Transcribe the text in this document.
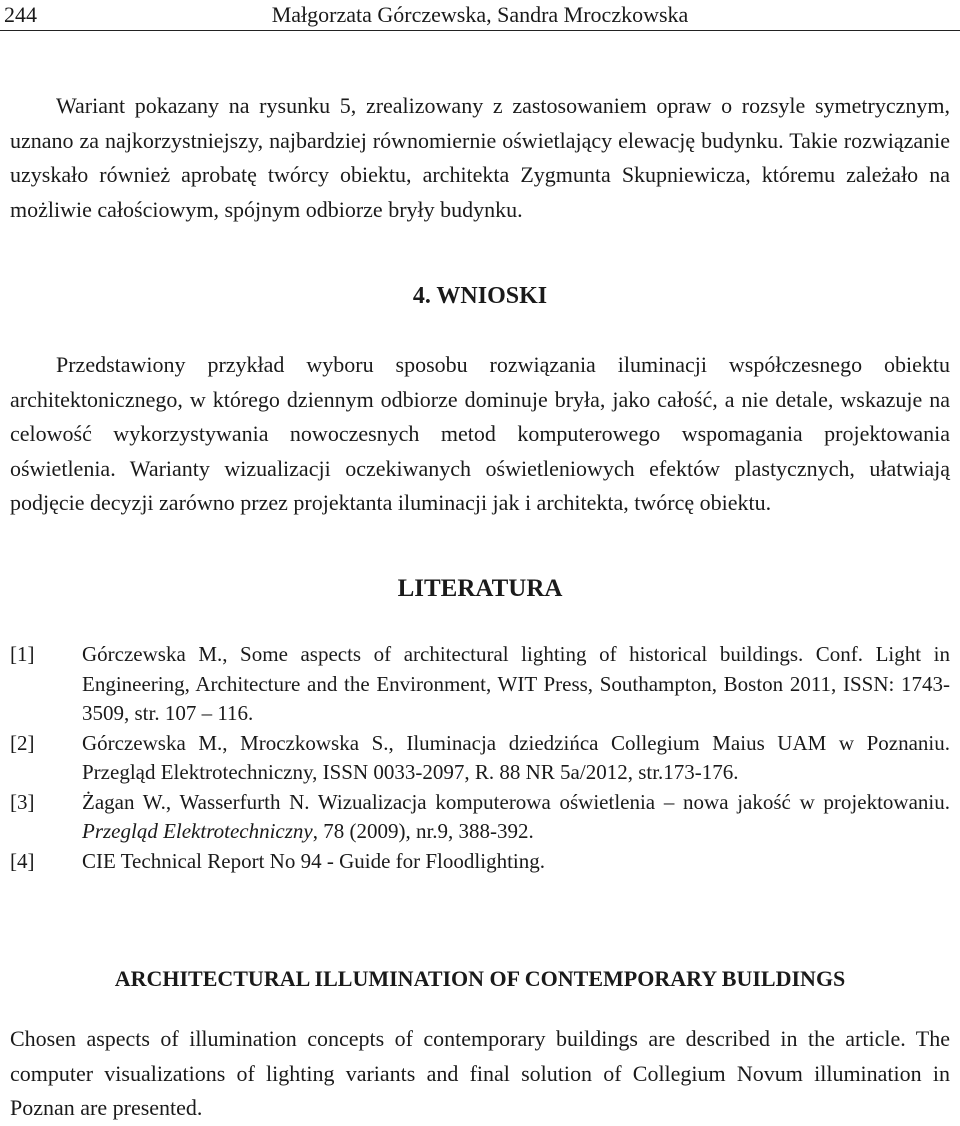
244	Małgorzata Górczewska, Sandra Mroczkowska

Wariant pokazany na rysunku 5, zrealizowany z zastosowaniem opraw o rozsyle symetrycznym, uznano za najkorzystniejszy, najbardziej równomiernie oświetlający elewację budynku. Takie rozwiązanie uzyskało również aprobatę twórcy obiektu, architekta Zygmunta Skupniewicza, któremu zależało na możliwie całościowym, spójnym odbiorze bryły budynku.

4. WNIOSKI

Przedstawiony przykład wyboru sposobu rozwiązania iluminacji współczesnego obiektu architektonicznego, w którego dziennym odbiorze dominuje bryła, jako całość, a nie detale, wskazuje na celowość wykorzystywania nowoczesnych metod komputerowego wspomagania projektowania oświetlenia. Warianty wizualizacji oczekiwanych oświetleniowych efektów plastycznych, ułatwiają podjęcie decyzji zarówno przez projektanta iluminacji jak i architekta, twórcę obiektu.

LITERATURA
[1]	Górczewska M., Some aspects of architectural lighting of historical buildings. Conf. Light in Engineering, Architecture and the Environment, WIT Press, Southampton, Boston 2011, ISSN: 1743-3509, str. 107 – 116.
[2]	Górczewska M., Mroczkowska S., Iluminacja dziedzińca Collegium Maius UAM w Poznaniu. Przegląd Elektrotechniczny, ISSN 0033-2097, R. 88 NR 5a/2012, str.173-176.
[3]	Żagan W., Wasserfurth N. Wizualizacja komputerowa oświetlenia – nowa jakość w projektowaniu. Przegląd Elektrotechniczny, 78 (2009), nr.9, 388-392.
[4]	CIE Technical Report No 94 - Guide for Floodlighting.
ARCHITECTURAL ILLUMINATION OF CONTEMPORARY BUILDINGS

Chosen aspects of illumination concepts of contemporary buildings are described in the article. The computer visualizations of lighting variants and final solution of Collegium Novum illumination in Poznan are presented.
